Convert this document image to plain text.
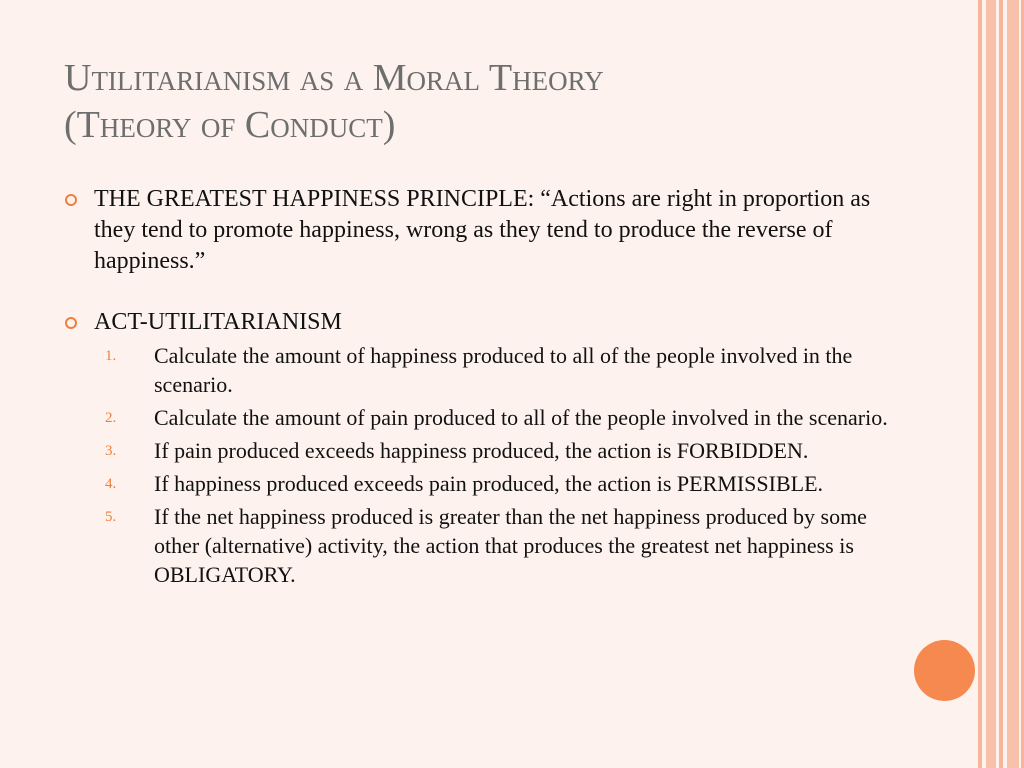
Utilitarianism as a Moral Theory
(Theory of Conduct)
THE GREATEST HAPPINESS PRINCIPLE: “Actions are right in proportion as they tend to promote happiness, wrong as they tend to produce the reverse of happiness.”
ACT-UTILITARIANISM
1. Calculate the amount of happiness produced to all of the people involved in the scenario.
2. Calculate the amount of pain produced to all of the people involved in the scenario.
3. If pain produced exceeds happiness produced, the action is FORBIDDEN.
4. If happiness produced exceeds pain produced, the action is PERMISSIBLE.
5. If the net happiness produced is greater than the net happiness produced by some other (alternative) activity, the action that produces the greatest net happiness is OBLIGATORY.
